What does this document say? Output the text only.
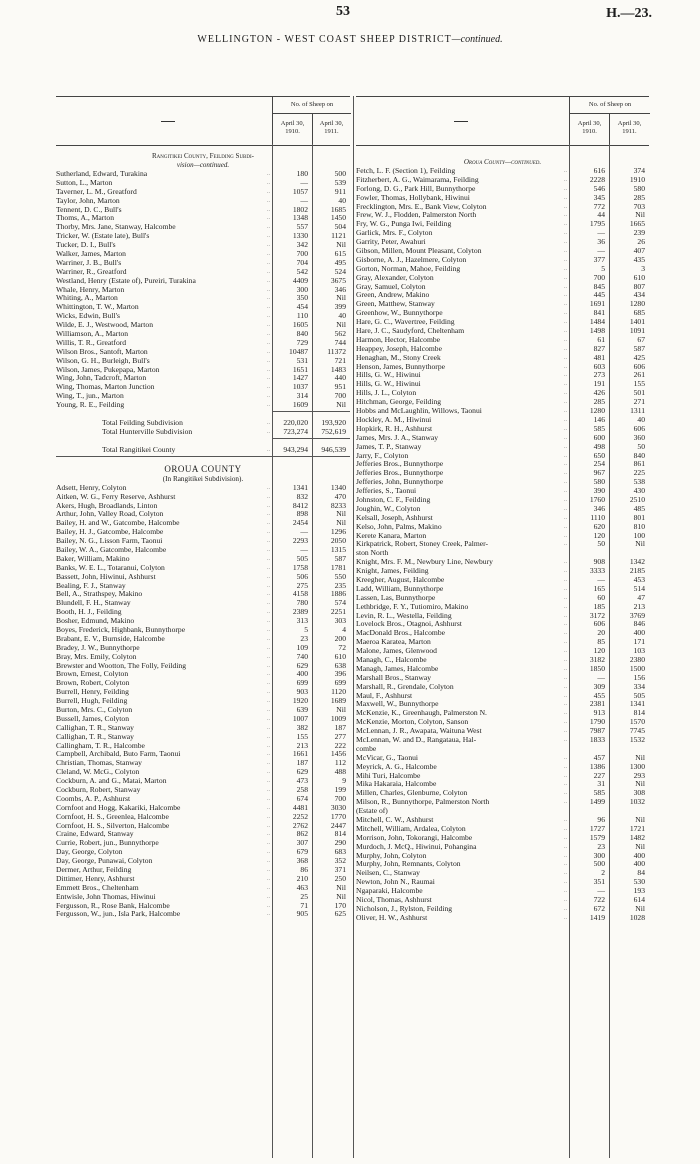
53	H.—23.
WELLINGTON - WEST COAST SHEEP DISTRICT—continued.
No. of Sheep on
April 30, 1910.
April 30, 1911.
No. of Sheep on
April 30, 1910.
April 30, 1911.
Rangitikei County, Feilding Subdi-
vision—continued.
Sutherland, Edward, Turakina	..	180	500
Sutton, L., Marton	..	—	539
Taverner, L. M., Greatford	..	1057	911
Taylor, John, Marton	..	—	40
Tennent, D. C., Bull's	..	1802	1685
Thoms, A., Marton	..	1348	1450
Thorby, Mrs. Jane, Stanway, Halcombe	..	557	504
Tricker, W. (Estate late), Bull's	..	1330	1121
Tucker, D. I., Bull's	..	342	Nil
Walker, James, Marton	..	700	615
Warriner, J. B., Bull's	..	704	495
Warriner, R., Greatford	..	542	524
Westland, Henry (Estate of), Pureiri, Turakina	..	4409	3675
Whale, Henry, Marton	..	300	346
Whiting, A., Marton	..	350	Nil
Whittington, T. W., Marton	..	454	399
Wicks, Edwin, Bull's	..	110	40
Wilde, E. J., Westwood, Marton	..	1605	Nil
Williamson, A., Marton	..	840	562
Willis, T. R., Greatford	..	729	744
Wilson Bros., Santoft, Marton	..	10487	11372
Wilson, G. H., Burleigh, Bull's	..	531	721
Wilson, James, Pukepapa, Marton	..	1651	1483
Wing, John, Tadcroft, Marton	..	1427	440
Wing, Thomas, Marton Junction	..	1037	951
Wing, T., jun., Marton	..	314	700
Young, R. E., Feilding	..	1609	Nil
Total Feilding Subdivision	..	220,020	193,920
Total Hunterville Subdivision	..	723,274	752,619
Total Rangitikei County	..	943,294	946,539
OROUA COUNTY
(In Rangitikei Subdivision).
Adsett, Henry, Colyton	..	1341	1340
Aitken, W. G., Ferry Reserve, Ashhurst	..	832	470
Akers, Hugh, Broadlands, Linton	..	8412	8233
Arthur, John, Valley Road, Colyton	..	898	Nil
Bailey, H. and W., Gatcombe, Halcombe	..	2454	Nil
Bailey, H. J., Gatcombe, Halcombe	..	—	1296
Bailey, N. G., Lisson Farm, Taonui	..	2293	2050
Bailey, W. A., Gatcombe, Halcombe	..	—	1315
Baker, William, Makino	..	505	587
Banks, W. E. L., Totaranui, Colyton	..	1758	1781
Bassett, John, Hiwinui, Ashhurst	..	506	550
Bealing, F. J., Stanway	..	275	235
Bell, A., Strathspey, Makino	..	4158	1886
Blundell, F. H., Stanway	..	780	574
Booth, H. J., Feilding	..	2389	2251
Bosher, Edmund, Makino	..	313	303
Boyes, Frederick, Highbank, Bunnythorpe	..	5	4
Brabant, E. V., Burnside, Halcombe	..	23	200
Bradey, J. W., Bunnythorpe	..	109	72
Bray, Mrs. Emily, Colyton	..	740	610
Brewster and Wootton, The Folly, Feilding	..	629	638
Brown, Ernest, Colyton	..	400	396
Brown, Robert, Colyton	..	699	699
Burrell, Henry, Feilding	..	903	1120
Burrell, Hugh, Feilding	..	1920	1689
Burton, Mrs. C., Colyton	..	639	Nil
Bussell, James, Colyton	..	1007	1009
Callighan, T. R., Stanway	..	382	187
Callighan, T. R., Stanway	..	155	277
Callingham, T. R., Halcombe	..	213	222
Campbell, Archibald, Buto Farm, Taonui	..	1661	1456
Christian, Thomas, Stanway	..	187	112
Cleland, W. McG., Colyton	..	629	488
Cockburn, A. and G., Matai, Marton	..	473	9
Cockburn, Robert, Stanway	..	258	199
Coombs, A. P., Ashhurst	..	674	700
Cornfoot and Hogg, Kakariki, Halcombe	..	4481	3030
Cornfoot, H. S., Greenlea, Halcombe	..	2252	1770
Cornfoot, H. S., Silverton, Halcombe	..	2762	2447
Craine, Edward, Stanway	..	862	814
Currie, Robert, jun., Bunnythorpe	..	307	290
Day, George, Colyton	..	679	683
Day, George, Punawai, Colyton	..	368	352
Dermer, Arthur, Feilding	..	86	371
Dittimer, Henry, Ashhurst	..	210	250
Emmett Bros., Cheltenham	..	463	Nil
Entwisle, John Thomas, Hiwinui	..	25	Nil
Fergusson, R., Rose Bank, Halcombe	..	71	170
Fergusson, W., jun., Isla Park, Halcombe	..	905	625
Oroua County—continued.
Fetch, L. F. (Section 1), Feilding	..	616	374
Fitzherbert, A. G., Waimarama, Feilding	..	2228	1910
Forlong, D. G., Park Hill, Bunnythorpe	..	546	580
Fowler, Thomas, Hollybank, Hiwinui	..	345	285
Frecklington, Mrs. E., Bank View, Colyton	..	772	703
Frew, W. J., Flodden, Palmerston North	..	44	Nil
Fry, W. G., Punga Iwi, Feilding	..	1795	1665
Garlick, Mrs. F., Colyton	..	—	239
Garrity, Peter, Awahuri	..	36	26
Gibson, Millen, Mount Pleasant, Colyton	..	—	407
Gisborne, A. J., Hazelmere, Colyton	..	377	435
Gorton, Norman, Mahoe, Feilding	..	5	3
Gray, Alexander, Colyton	..	700	610
Gray, Samuel, Colyton	..	845	807
Green, Andrew, Makino	..	445	434
Green, Matthew, Stanway	..	1691	1280
Greenhow, W., Bunnythorpe	..	841	685
Hare, G. C., Wavertree, Feilding	..	1484	1401
Hare, J. C., Saudyford, Cheltenham	..	1498	1091
Harmon, Hector, Halcombe	..	61	67
Heappey, Joseph, Halcombe	..	827	587
Henaghan, M., Stony Creek	..	481	425
Henson, James, Bunnythorpe	..	603	606
Hills, G. W., Hiwinui	..	273	261
Hills, G. W., Hiwinui	..	191	155
Hills, J. L., Colyton	..	426	501
Hitchman, George, Feilding	..	285	271
Hobbs and McLaughlin, Willows, Taonui	..	1280	1311
Hockley, A. M., Hiwinui	..	146	40
Hopkirk, R. H., Ashhurst	..	585	606
James, Mrs. J. A., Stanway	..	600	360
James, T. P., Stanway	..	498	50
Jarry, F., Colyton	..	650	840
Jefferies Bros., Bunnythorpe	..	254	861
Jefferies Bros., Bunnythorpe	..	967	225
Jefferies, John, Bunnythorpe	..	580	538
Jefferies, S., Taonui	..	390	430
Johnston, C. F., Feilding	..	1760	2510
Joughin, W., Colyton	..	346	485
Kelsall, Joseph, Ashhurst	..	1110	801
Kelso, John, Palms, Makino	..	620	810
Kerete Kanara, Marton	..	120	100
Kirkpatrick, Robert, Stoney Creek, Palmer-	..	50	Nil
ston North
Knight, Mrs. F. M., Newbury Line, Newbury	..	908	1342
Knight, James, Feilding	..	3333	2185
Kreegher, August, Halcombe	..	—	453
Ladd, William, Bunnythorpe	..	165	514
Lassen, Las, Bunnythorpe	..	60	47
Lethbridge, F. Y., Tutiomiro, Makino	..	185	213
Levin, R. L., Westella, Feilding	..	3172	3769
Lovelock Bros., Otagnoi, Ashhurst	..	606	846
MacDonald Bros., Halcombe	..	20	400
Maeroa Karatea, Marton	..	85	171
Malone, James, Glenwood	..	120	103
Managh, C., Halcombe	..	3182	2380
Managh, James, Halcombe	..	1850	1500
Marshall Bros., Stanway	..	—	156
Marshall, R., Grendale, Colyton	..	309	334
Maul, F., Ashhurst	..	455	505
Maxwell, W., Bunnythorpe	..	2381	1341
McKenzie, K., Greenhaugh, Palmerston N.	..	913	814
McKenzie, Morton, Colyton, Sanson	..	1790	1570
McLennan, J. R., Awapata, Waituna West	..	7987	7745
McLennan, W. and D., Rangataua, Hal-	..	1833	1532
combe
McVicar, G., Taonui	..	457	Nil
Meyrick, A. G., Halcombe	..	1386	1300
Mihi Turi, Halcombe	..	227	293
Mika Hakaraia, Halcombe	..	31	Nil
Millen, Charles, Glenburne, Colyton	..	585	308
Milson, R., Bunnythorpe, Palmerston North	..	1499	1032
(Estate of)
Mitchell, C. W., Ashhurst	..	96	Nil
Mitchell, William, Ardalea, Colyton	..	1727	1721
Morrison, John, Tokorangi, Halcombe	..	1579	1482
Murdoch, J. McQ., Hiwinui, Pohangina	..	23	Nil
Murphy, John, Colyton	..	300	400
Murphy, John, Remnants, Colyton	..	500	400
Neilsen, C., Stanway	..	2	84
Newton, John N., Raumai	..	351	530
Ngaparaki, Halcombe	..	—	193
Nicol, Thomas, Ashhurst	..	722	614
Nicholson, J., Rylston, Feilding	..	672	Nil
Oliver, H. W., Ashhurst	..	1419	1028
